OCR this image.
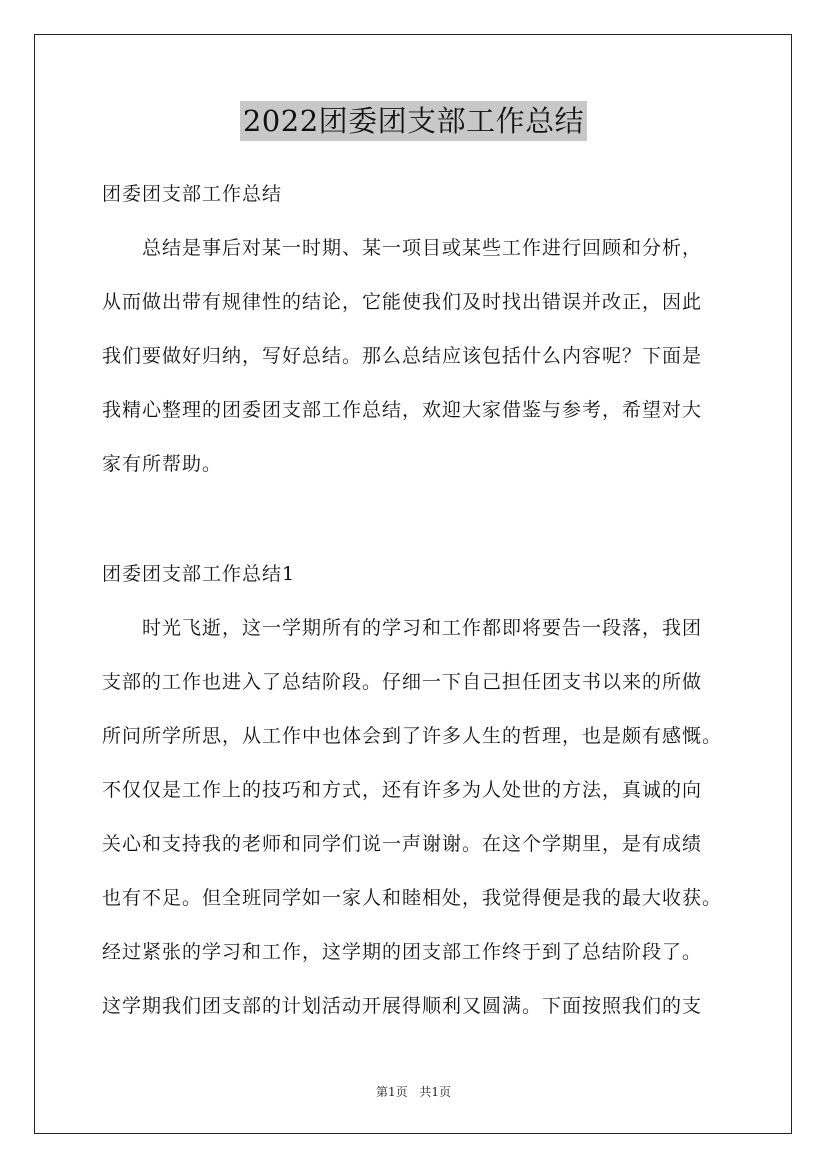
2022团委团支部工作总结
团委团支部工作总结
总结是事后对某一时期、某一项目或某些工作进行回顾和分析，
从而做出带有规律性的结论，它能使我们及时找出错误并改正，因此
我们要做好归纳，写好总结。那么总结应该包括什么内容呢？下面是
我精心整理的团委团支部工作总结，欢迎大家借鉴与参考，希望对大
家有所帮助。
团委团支部工作总结1
时光飞逝，这一学期所有的学习和工作都即将要告一段落，我团
支部的工作也进入了总结阶段。仔细一下自己担任团支书以来的所做
所问所学所思，从工作中也体会到了许多人生的哲理，也是颇有感慨。
不仅仅是工作上的技巧和方式，还有许多为人处世的方法，真诚的向
关心和支持我的老师和同学们说一声谢谢。在这个学期里，是有成绩
也有不足。但全班同学如一家人和睦相处，我觉得便是我的最大收获。
经过紧张的学习和工作，这学期的团支部工作终于到了总结阶段了。
这学期我们团支部的计划活动开展得顺利又圆满。下面按照我们的支
第1页 共1页
